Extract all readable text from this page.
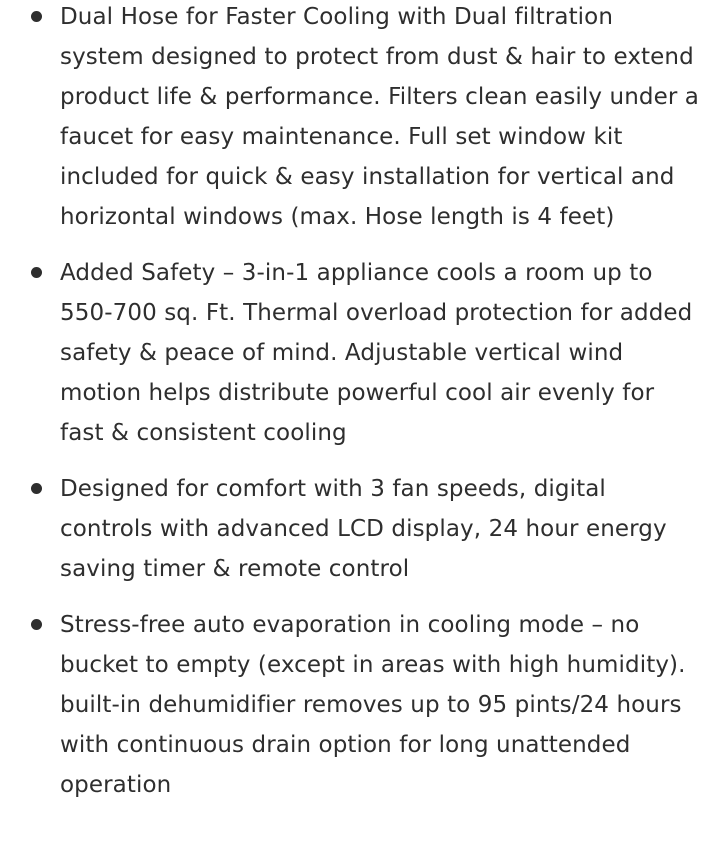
Dual Hose for Faster Cooling with Dual filtration system designed to protect from dust & hair to extend product life & performance. Filters clean easily under a faucet for easy maintenance. Full set window kit included for quick & easy installation for vertical and horizontal windows (max. Hose length is 4 feet)
Added Safety – 3-in-1 appliance cools a room up to 550-700 sq. Ft. Thermal overload protection for added safety & peace of mind. Adjustable vertical wind motion helps distribute powerful cool air evenly for fast & consistent cooling
Designed for comfort with 3 fan speeds, digital controls with advanced LCD display, 24 hour energy saving timer & remote control
Stress-free auto evaporation in cooling mode – no bucket to empty (except in areas with high humidity). built-in dehumidifier removes up to 95 pints/24 hours with continuous drain option for long unattended operation
